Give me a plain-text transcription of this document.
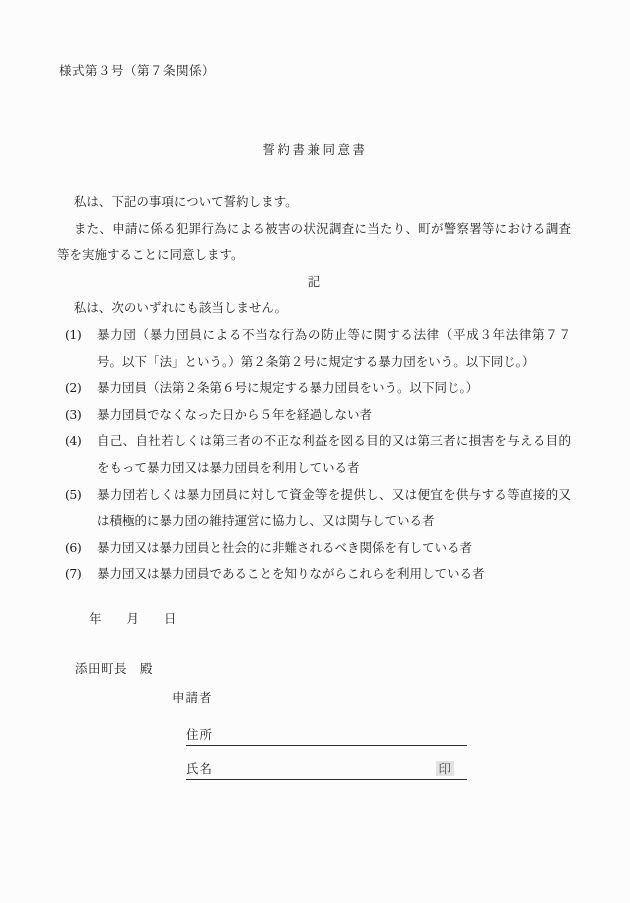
様式第３号（第７条関係）
誓約書兼同意書

私は、下記の事項について誓約します。

また、申請に係る犯罪行為による被害の状況調査に当たり、町が警察署等における調査等を実施することに同意します。

記
私は、次のいずれにも該当しません。
(1)	暴力団（暴力団員による不当な行為の防止等に関する法律（平成３年法律第７７号。以下「法」という。）第２条第２号に規定する暴力団をいう。以下同じ。）
(2)	暴力団員（法第２条第６号に規定する暴力団員をいう。以下同じ。）
(3)	暴力団員でなくなった日から５年を経過しない者
(4)	自己、自社若しくは第三者の不正な利益を図る目的又は第三者に損害を与える目的をもって暴力団又は暴力団員を利用している者
(5)	暴力団若しくは暴力団員に対して資金等を提供し、又は便宜を供与する等直接的又は積極的に暴力団の維持運営に協力し、又は関与している者
(6)	暴力団又は暴力団員と社会的に非難されるべき関係を有している者
(7)	暴力団又は暴力団員であることを知りながらこれらを利用している者
年 月 日
添田町長　殿
申請者
住所
氏名	印
